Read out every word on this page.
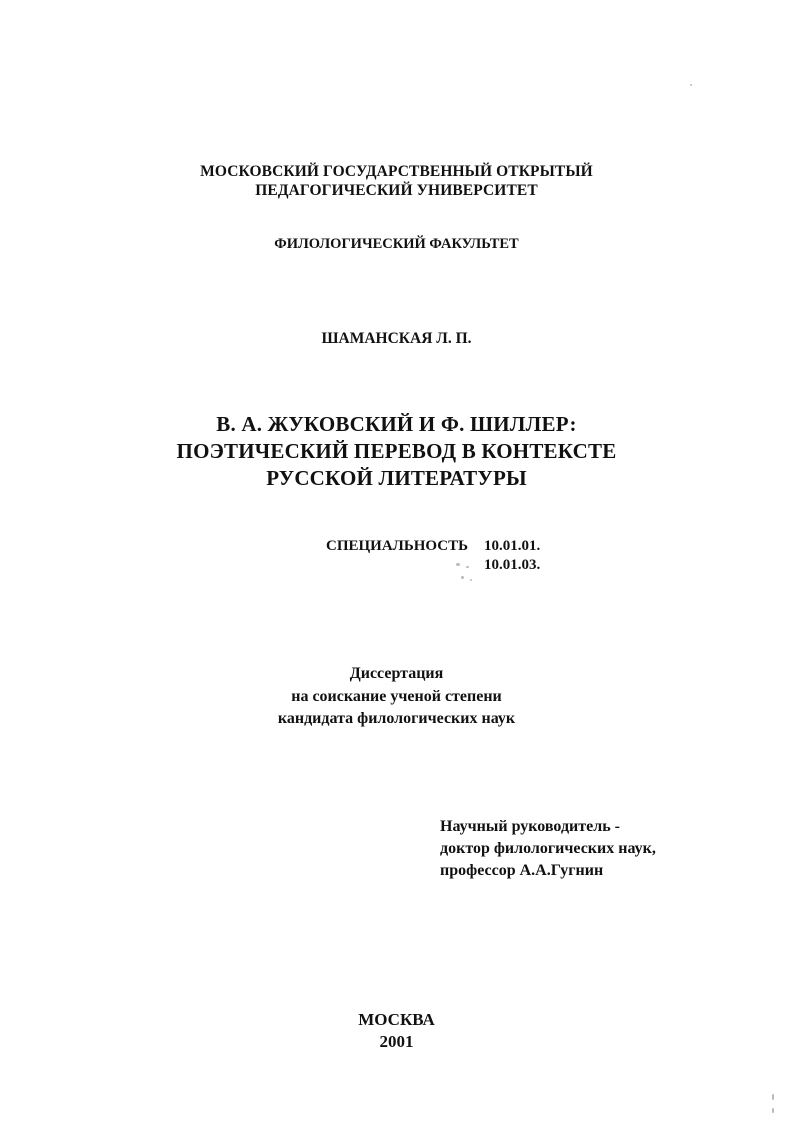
МОСКОВСКИЙ ГОСУДАРСТВЕННЫЙ ОТКРЫТЫЙ
ПЕДАГОГИЧЕСКИЙ УНИВЕРСИТЕТ
ФИЛОЛОГИЧЕСКИЙ ФАКУЛЬТЕТ
ШАМАНСКАЯ Л. П.
В. А. ЖУКОВСКИЙ И Ф. ШИЛЛЕР:
ПОЭТИЧЕСКИЙ ПЕРЕВОД В КОНТЕКСТЕ
РУССКОЙ ЛИТЕРАТУРЫ
СПЕЦИАЛЬНОСТЬ 10.01.01.
10.01.03.
Диссертация
на соискание ученой степени
кандидата филологических наук
Научный руководитель -
доктор филологических наук,
профессор А.А.Гугнин
МОСКВА
2001
